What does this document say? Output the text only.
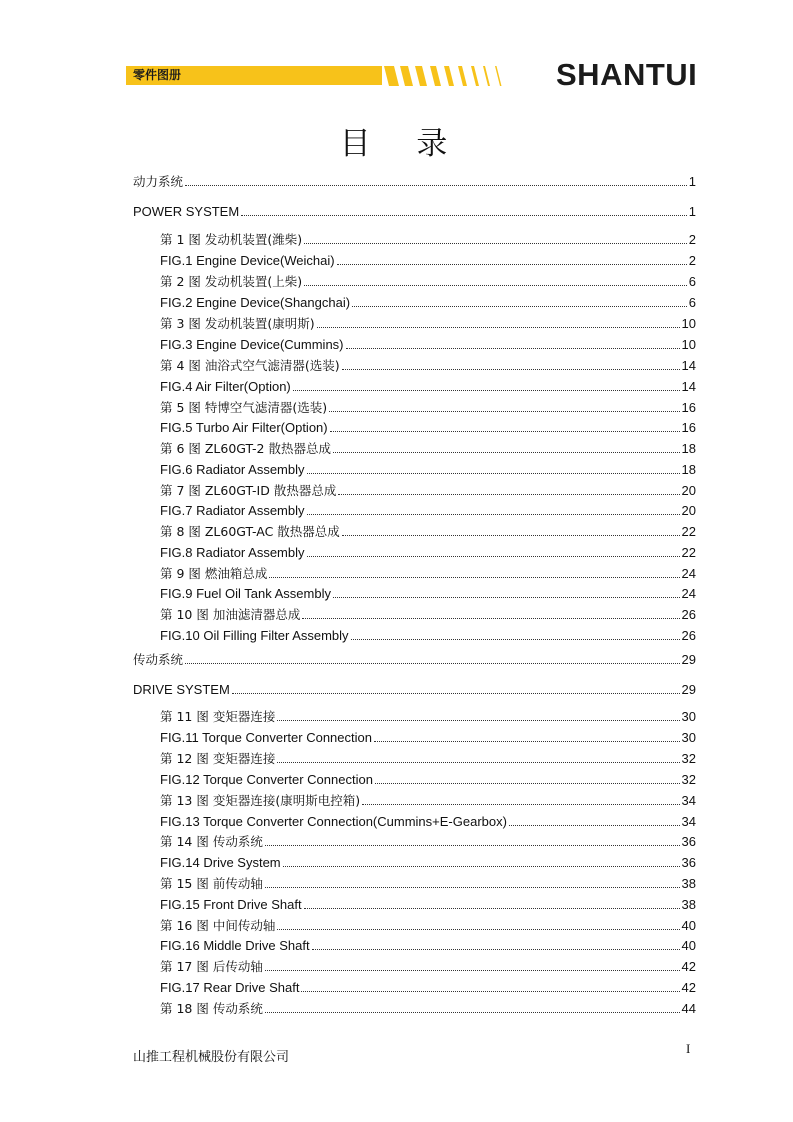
零件图册	SHANTUI
目 录
动力系统	1
POWER SYSTEM	1
第 1 图 发动机装置(潍柴)	2
FIG.1 Engine Device(Weichai)	2
第 2 图 发动机装置(上柴)	6
FIG.2 Engine Device(Shangchai)	6
第 3 图 发动机装置(康明斯)	10
FIG.3 Engine Device(Cummins)	10
第 4 图 油浴式空气滤清器(选装)	14
FIG.4 Air Filter(Option)	14
第 5 图 特博空气滤清器(选装)	16
FIG.5 Turbo Air Filter(Option)	16
第 6 图 ZL60GT-2 散热器总成	18
FIG.6 Radiator Assembly	18
第 7 图 ZL60GT-ⅠD 散热器总成	20
FIG.7 Radiator Assembly	20
第 8 图 ZL60GT-AC 散热器总成	22
FIG.8 Radiator Assembly	22
第 9 图 燃油箱总成	24
FIG.9 Fuel Oil Tank Assembly	24
第 10 图 加油滤清器总成	26
FIG.10 Oil Filling Filter Assembly	26
传动系统	29
DRIVE SYSTEM	29
第 11 图 变矩器连接	30
FIG.11 Torque Converter Connection	30
第 12 图 变矩器连接	32
FIG.12 Torque Converter Connection	32
第 13 图 变矩器连接(康明斯电控箱)	34
FIG.13 Torque Converter Connection(Cummins+E-Gearbox)	34
第 14 图 传动系统	36
FIG.14 Drive System	36
第 15 图 前传动轴	38
FIG.15 Front Drive Shaft	38
第 16 图 中间传动轴	40
FIG.16 Middle Drive Shaft	40
第 17 图 后传动轴	42
FIG.17 Rear Drive Shaft	42
第 18 图 传动系统	44
山推工程机械股份有限公司
I
